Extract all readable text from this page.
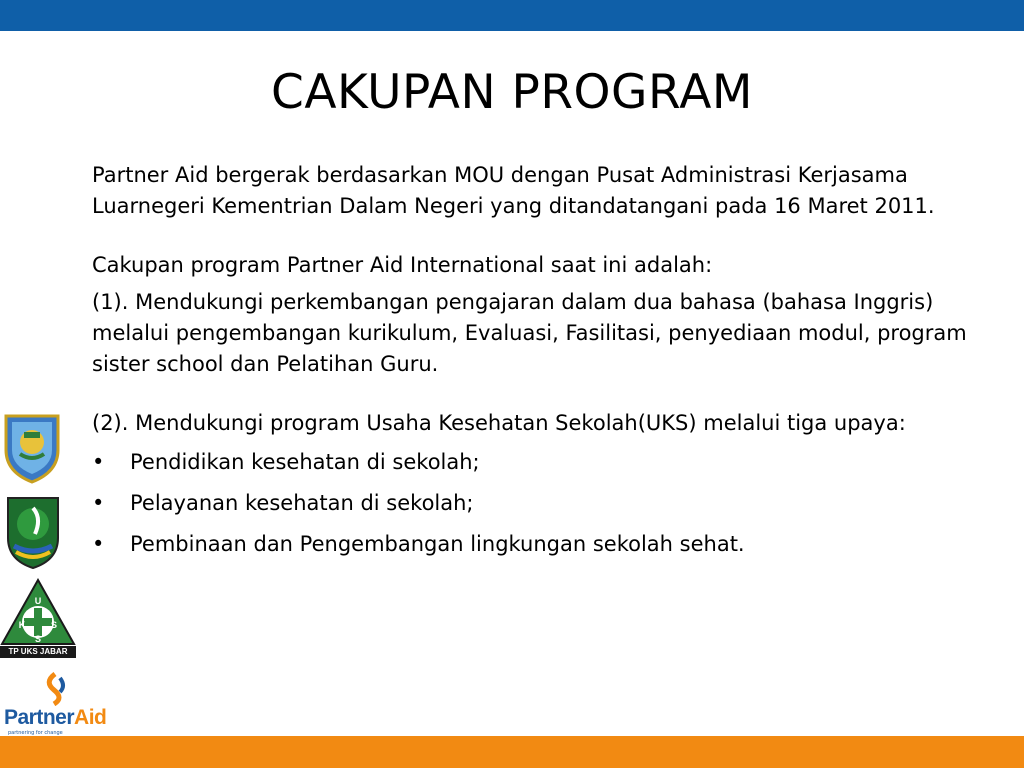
CAKUPAN PROGRAM

Partner Aid bergerak berdasarkan MOU dengan Pusat Administrasi Kerjasama Luarnegeri Kementrian Dalam Negeri yang ditandatangani pada 16 Maret 2011.

Cakupan program Partner Aid International saat ini adalah:

(1). Mendukungi perkembangan pengajaran dalam dua bahasa (bahasa Inggris) melalui pengembangan kurikulum, Evaluasi, Fasilitasi, penyediaan modul, program sister school dan Pelatihan Guru.

(2). Mendukungi program Usaha Kesehatan Sekolah(UKS) melalui tiga upaya:

• Pendidikan kesehatan di sekolah;
• Pelayanan kesehatan di sekolah;
• Pembinaan dan Pengembangan lingkungan sekolah sehat.
U
K	S
S
TP UKS JABAR
PartnerAid
partnering for change
